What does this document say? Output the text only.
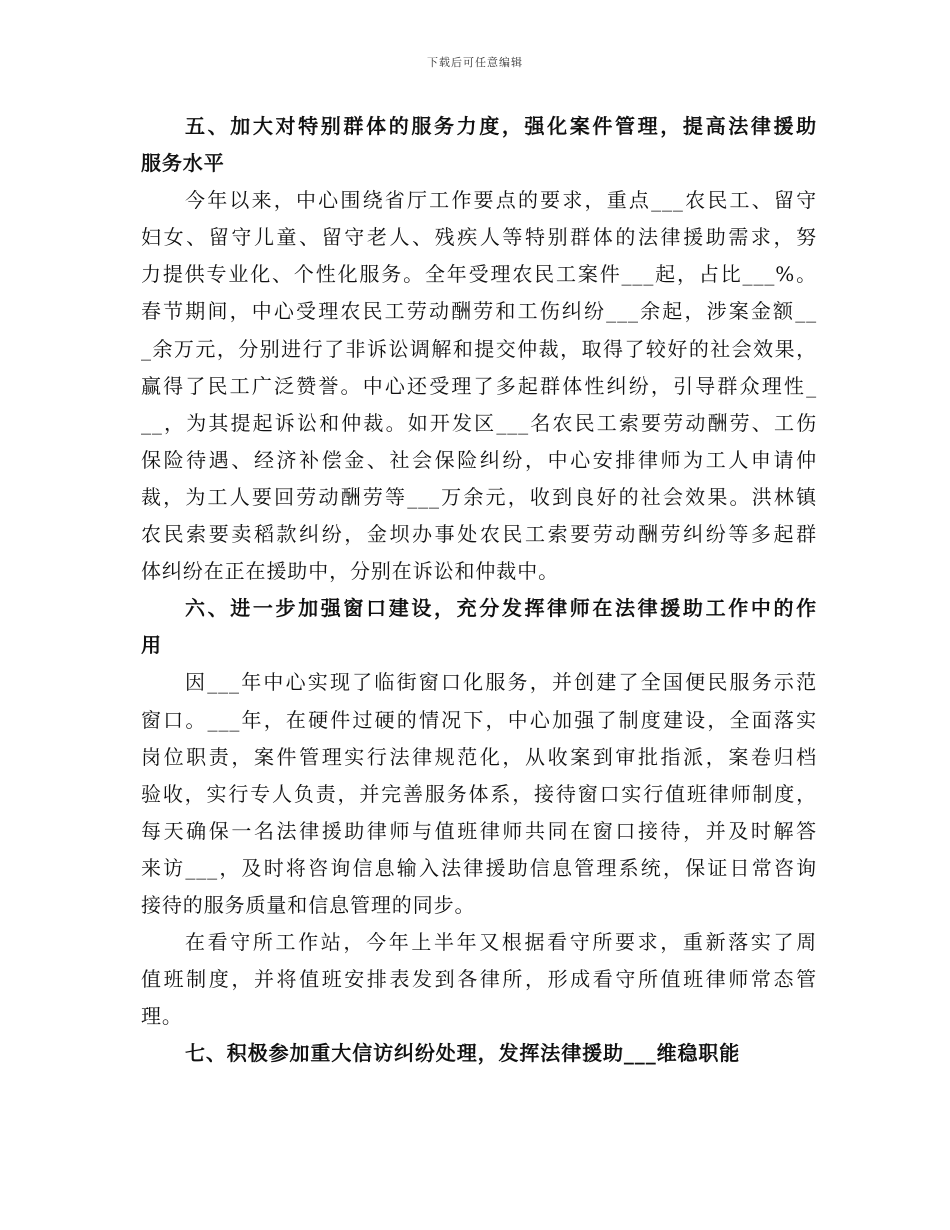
下载后可任意编辑
五、加大对特别群体的服务力度，强化案件管理，提高法律援助
服务水平
今年以来，中心围绕省厅工作要点的要求，重点___农民工、留守
妇女、留守儿童、留守老人、残疾人等特别群体的法律援助需求，努
力提供专业化、个性化服务。全年受理农民工案件___起，占比___%。
春节期间，中心受理农民工劳动酬劳和工伤纠纷___余起，涉案金额__
_余万元，分别进行了非诉讼调解和提交仲裁，取得了较好的社会效果，
赢得了民工广泛赞誉。中心还受理了多起群体性纠纷，引导群众理性_
__，为其提起诉讼和仲裁。如开发区___名农民工索要劳动酬劳、工伤
保险待遇、经济补偿金、社会保险纠纷，中心安排律师为工人申请仲
裁，为工人要回劳动酬劳等___万余元，收到良好的社会效果。洪林镇
农民索要卖稻款纠纷，金坝办事处农民工索要劳动酬劳纠纷等多起群
体纠纷在正在援助中，分别在诉讼和仲裁中。
六、进一步加强窗口建设，充分发挥律师在法律援助工作中的作
用
因___年中心实现了临街窗口化服务，并创建了全国便民服务示范
窗口。___年，在硬件过硬的情况下，中心加强了制度建设，全面落实
岗位职责，案件管理实行法律规范化，从收案到审批指派，案卷归档
验收，实行专人负责，并完善服务体系，接待窗口实行值班律师制度，
每天确保一名法律援助律师与值班律师共同在窗口接待，并及时解答
来访___，及时将咨询信息输入法律援助信息管理系统，保证日常咨询
接待的服务质量和信息管理的同步。
在看守所工作站，今年上半年又根据看守所要求，重新落实了周
值班制度，并将值班安排表发到各律所，形成看守所值班律师常态管
理。
七、积极参加重大信访纠纷处理，发挥法律援助___维稳职能
